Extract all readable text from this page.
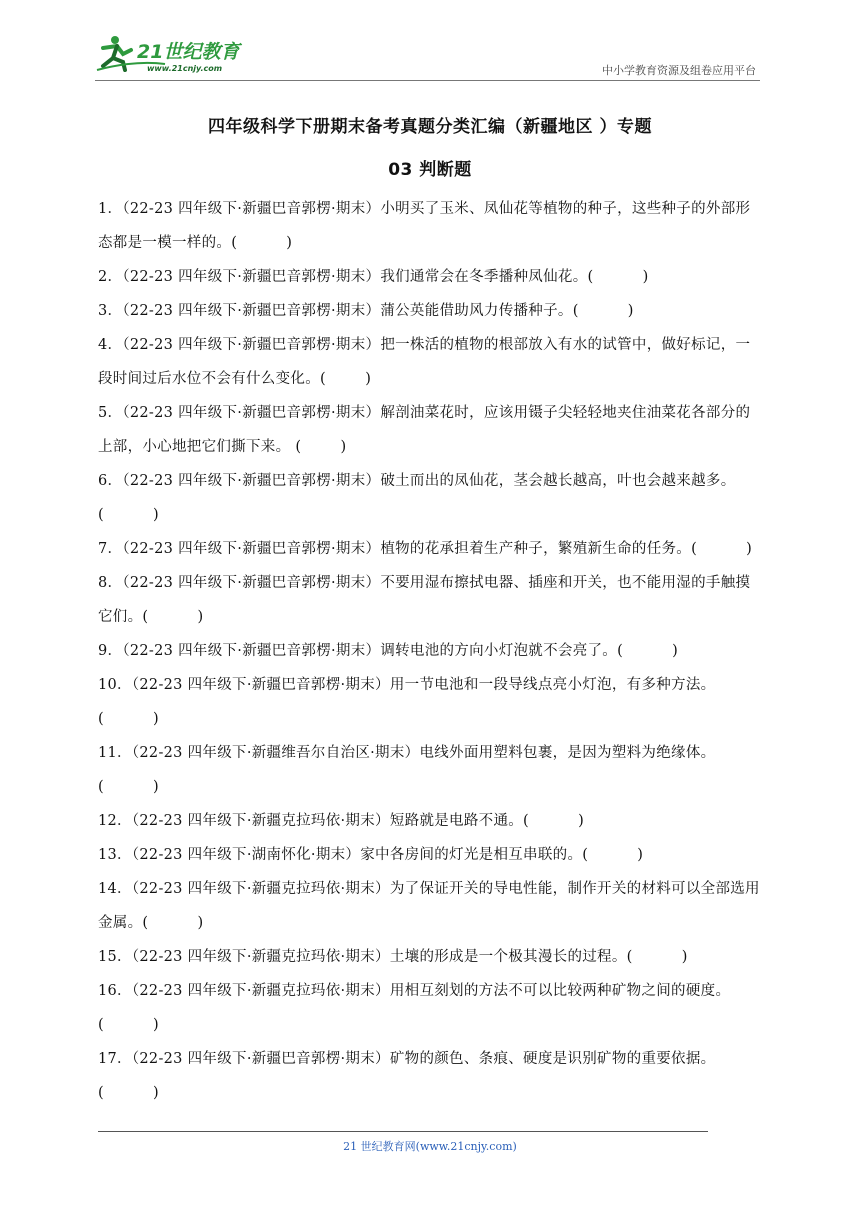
21世纪教育
www.21cnjy.com	中小学教育资源及组卷应用平台
四年级科学下册期末备考真题分类汇编（新疆地区 ）专题
03 判断题
1．（22-23 四年级下·新疆巴音郭楞·期末）小明买了玉米、凤仙花等植物的种子，这些种子的外部形态都是一模一样的。(          )
2．（22-23 四年级下·新疆巴音郭楞·期末）我们通常会在冬季播种凤仙花。(          )
3．（22-23 四年级下·新疆巴音郭楞·期末）蒲公英能借助风力传播种子。(          )
4．（22-23 四年级下·新疆巴音郭楞·期末）把一株活的植物的根部放入有水的试管中，做好标记，一段时间过后水位不会有什么变化。(        )
5．（22-23 四年级下·新疆巴音郭楞·期末）解剖油菜花时，应该用镊子尖轻轻地夹住油菜花各部分的上部，小心地把它们撕下来。 (        )
6．（22-23 四年级下·新疆巴音郭楞·期末）破土而出的凤仙花，茎会越长越高，叶也会越来越多。(          )
7．（22-23 四年级下·新疆巴音郭楞·期末）植物的花承担着生产种子，繁殖新生命的任务。(          )
8．（22-23 四年级下·新疆巴音郭楞·期末）不要用湿布擦拭电器、插座和开关，也不能用湿的手触摸它们。(          )
9．（22-23 四年级下·新疆巴音郭楞·期末）调转电池的方向小灯泡就不会亮了。(          )
10．（22-23 四年级下·新疆巴音郭楞·期末）用一节电池和一段导线点亮小灯泡，有多种方法。(          )
11．（22-23 四年级下·新疆维吾尔自治区·期末）电线外面用塑料包裹，是因为塑料为绝缘体。(          )
12．（22-23 四年级下·新疆克拉玛依·期末）短路就是电路不通。(          )
13．（22-23 四年级下·湖南怀化·期末）家中各房间的灯光是相互串联的。(          )
14．（22-23 四年级下·新疆克拉玛依·期末）为了保证开关的导电性能，制作开关的材料可以全部选用金属。(          )
15．（22-23 四年级下·新疆克拉玛依·期末）土壤的形成是一个极其漫长的过程。(          )
16．（22-23 四年级下·新疆克拉玛依·期末）用相互刻划的方法不可以比较两种矿物之间的硬度。(          )
17．（22-23 四年级下·新疆巴音郭楞·期末）矿物的颜色、条痕、硬度是识别矿物的重要依据。(          )
21 世纪教育网(www.21cnjy.com)
